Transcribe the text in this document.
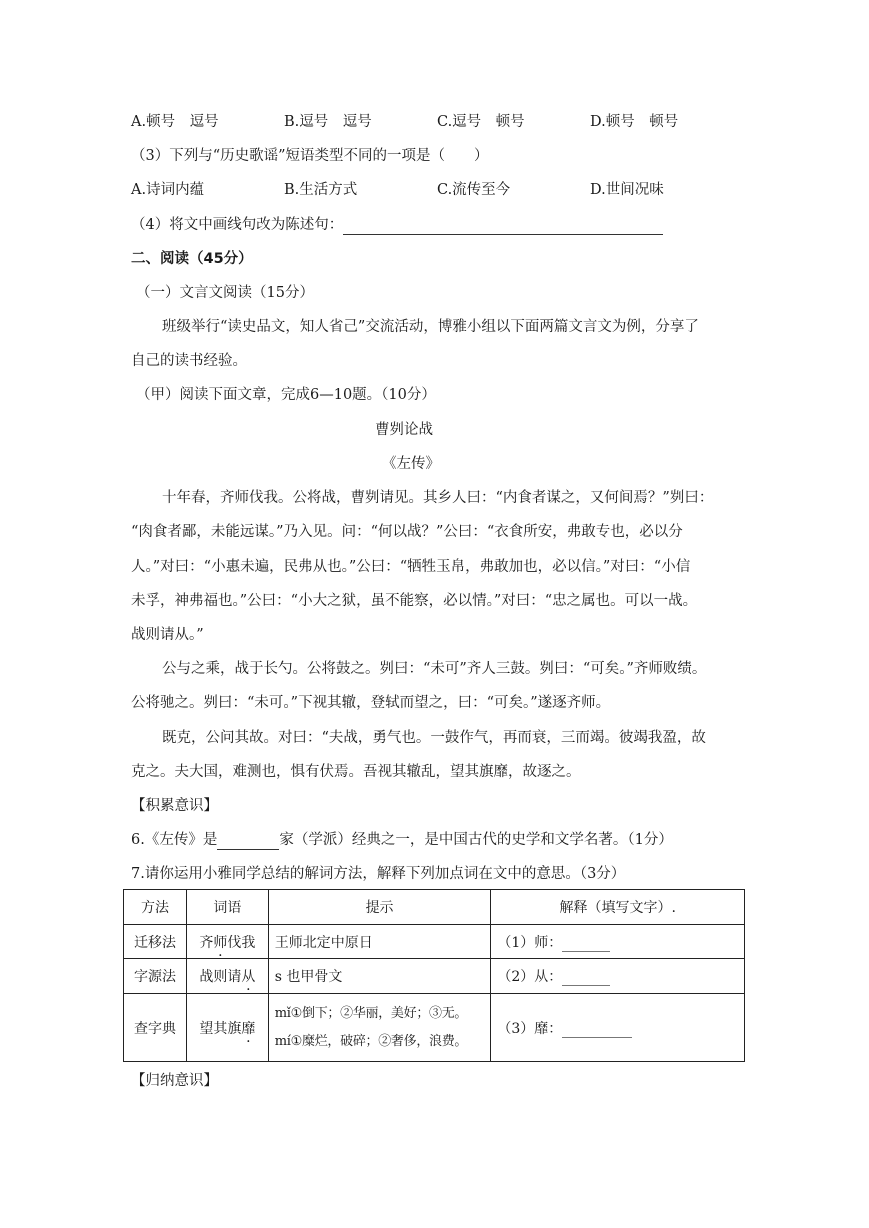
A.顿号　逗号	B.逗号　逗号	C.逗号　顿号	D.顿号　顿号
（3）下列与“历史歌谣”短语类型不同的一项是（　　）
A.诗词内蕴	B.生活方式	C.流传至今	D.世间况味
（4）将文中画线句改为陈述句：
二、阅读（45分）
（一）文言文阅读（15分）
班级举行“读史品文，知人省己”交流活动，博雅小组以下面两篇文言文为例，分享了
自己的读书经验。
（甲）阅读下面文章，完成6—10题。（10分）
曹刿论战
《左传》
十年春，齐师伐我。公将战，曹刿请见。其乡人曰：“内食者谋之，又何间焉？”刿曰：
“肉食者鄙，未能远谋。”乃入见。问：“何以战？”公曰：“衣食所安，弗敢专也，必以分
人。”对曰：“小惠未遍，民弗从也。”公曰：“牺牲玉帛，弗敢加也，必以信。”对曰：“小信
未孚，神弗福也。”公曰：“小大之狱，虽不能察，必以情。”对曰：“忠之属也。可以一战。
战则请从。”
公与之乘，战于长勺。公将鼓之。刿曰：“未可”齐人三鼓。刿曰：“可矣。”齐师败绩。
公将驰之。刿曰：“未可。”下视其辙，登轼而望之，曰：“可矣。”遂逐齐师。
既克，公问其故。对曰：“夫战，勇气也。一鼓作气，再而衰，三而竭。彼竭我盈，故
克之。夫大国，难测也，惧有伏焉。吾视其辙乱，望其旗靡，故逐之。
【积累意识】
6.《左传》是	家（学派）经典之一，是中国古代的史学和文学名著。（1分）
7.请你运用小雅同学总结的解词方法，解释下列加点词在文中的意思。（3分）
方法	词语	提示	解释（填写文字）.
迁移法	齐师伐我	王师北定中原日	（1）师：
字源法	战则请从	s 也甲骨文	（2）从：
查字典	望其旗靡	mǐ①倒下；②华丽，美好；③无。
mí①糜烂，破碎；②奢侈，浪费。	（3）靡：
【归纳意识】
